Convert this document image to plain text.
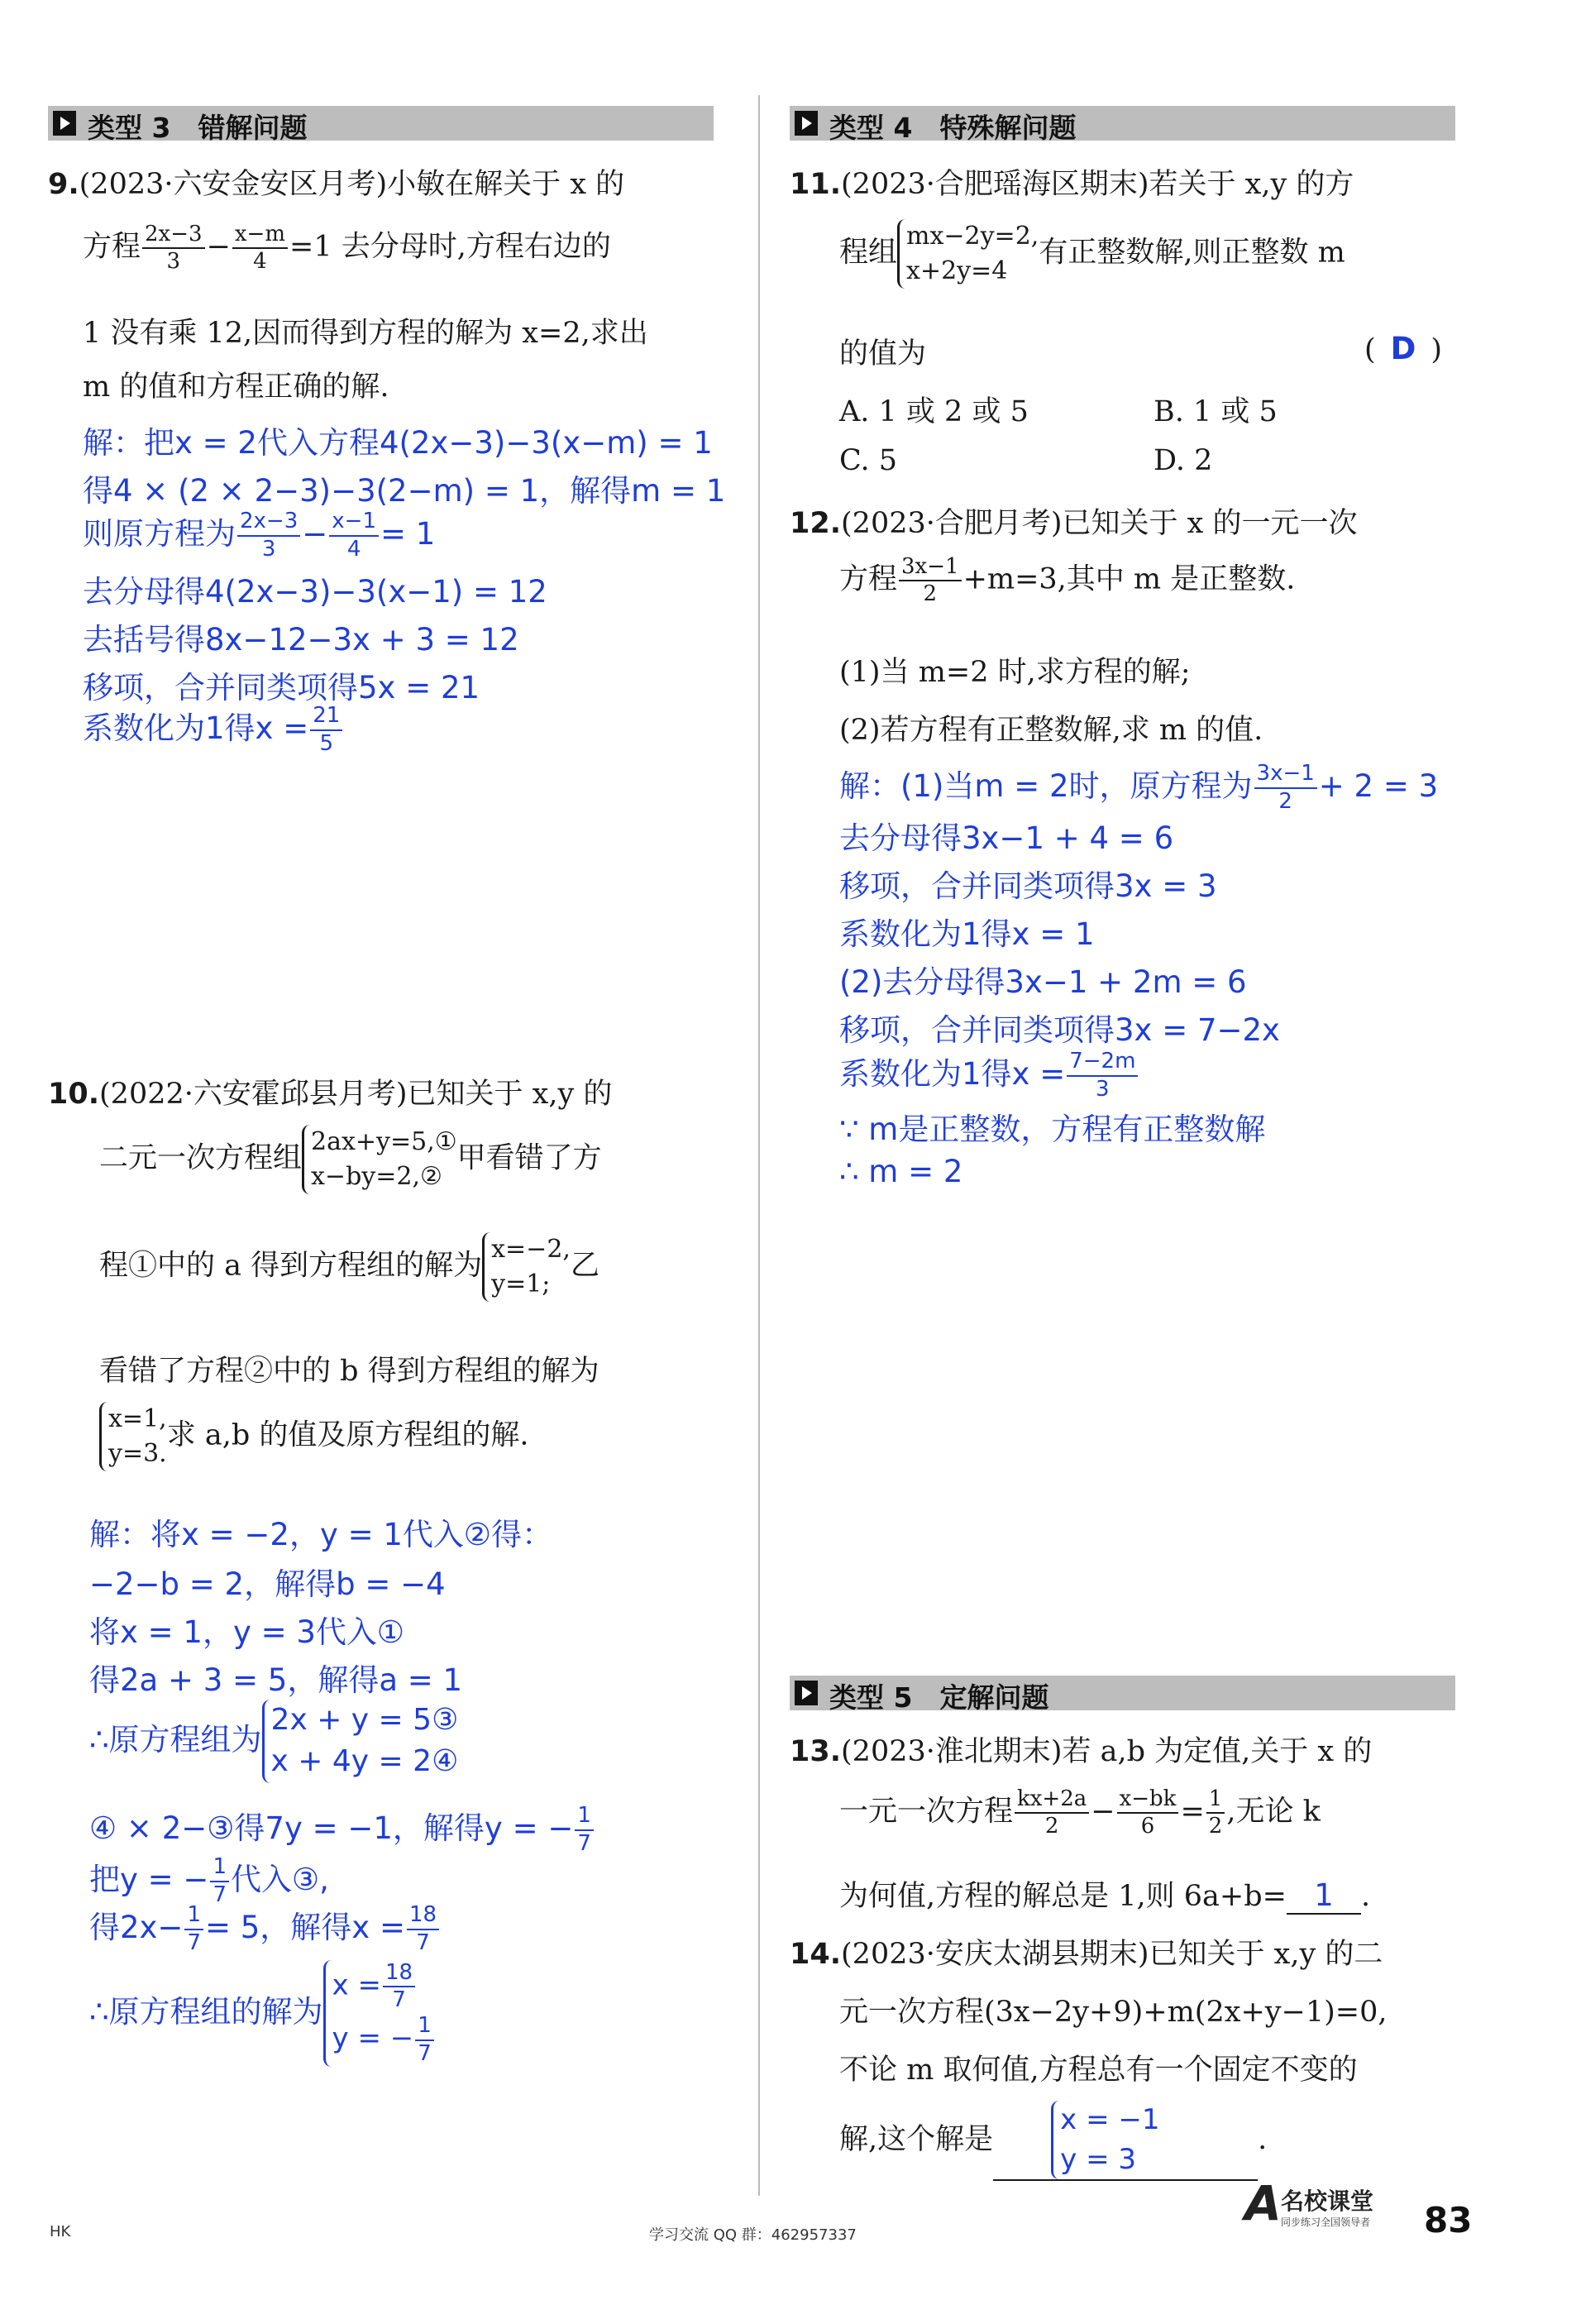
类型 3　错解问题	类型 4　特殊解问题
类型 5　定解问题
9.(2023·六安金安区月考)小敏在解关于 x 的
方程 $\frac{2x-3}{3} - \frac{x-m}{4} =1$ 去分母时,方程右边的
1 没有乘 12,因而得到方程的解为 x=2,求出
m 的值和方程正确的解.
解：把x = 2代入方程4(2x−3)−3(x−m) = 1
得4 × (2 × 2−3)−3(2−m) = 1，解得m = 1
则原方程为 $\frac{2x-3}{3} - \frac{x-1}{4} = 1$
去分母得4(2x−3)−3(x−1) = 12
去括号得8x−12−3x + 3 = 12
移项，合并同类项得5x = 21
系数化为1得$x = \frac{21}{5}$
10.(2022·六安霍邱县月考)已知关于 x,y 的
二元一次方程组 2ax+y=5,①
x−by=2,②
甲看错了方
程①中的 a 得到方程组的解为 x=−2,
y=1;
乙
看错了方程②中的 b 得到方程组的解为
x=1,
y=3.
求 a,b 的值及原方程组的解.
解：将x = −2，y = 1代入②得：
−2−b = 2，解得b = −4
将x = 1，y = 3代入①
得2a + 3 = 5，解得a = 1
∴原方程组为
2x + y = 5③
x + 4y = 2④
④ × 2−③得7y = −1，解得y = − $\frac{1}{7}$
把y = − $\frac{1}{7}$ 代入③,
得$2x- \frac{1}{7} = 5$，解得$x = \frac{18}{7}$
∴原方程组的解为
$x = \frac{18}{7}$
y = − $\frac{1}{7}$
11.(2023·合肥瑶海区期末)若关于 x,y 的方
程组 mx−2y=2,
x+2y=4
有正整数解,则正整数 m
的值为	( D )
A. 1 或 2 或 5	B. 1 或 5
C. 5	D. 2
12.(2023·合肥月考)已知关于 x 的一元一次
方程 $\frac{3x-1}{2} +m=3$,其中 m 是正整数.
(1)当 m=2 时,求方程的解;
(2)若方程有正整数解,求 m 的值.
解：(1)当m = 2时，原方程为 $\frac{3x-1}{2} + 2 = 3$
去分母得3x−1 + 4 = 6
移项，合并同类项得3x = 3
系数化为1得x = 1
(2)去分母得3x−1 + 2m = 6
移项，合并同类项得3x = 7−2x
系数化为1得$x = \frac{7-2m}{3}$
∵ m是正整数，方程有正整数解
∴ m = 2
13.(2023·淮北期末)若 a,b 为定值,关于 x 的
一元一次方程 $\frac{kx+2a}{2} - \frac{x-bk}{6} = \frac{1}{2}$ ,无论 k
为何值,方程的解总是 1,则 6a+b= 1 .
14.(2023·安庆太湖县期末)已知关于 x,y 的二
元一次方程(3x−2y+9)+m(2x+y−1)=0,
不论 m 取何值,方程总有一个固定不变的
解,这个解是
x = −1
y = 3
.
HK	学习交流 QQ 群：462957337
A 名校课堂
同步练习全国领导者 83
